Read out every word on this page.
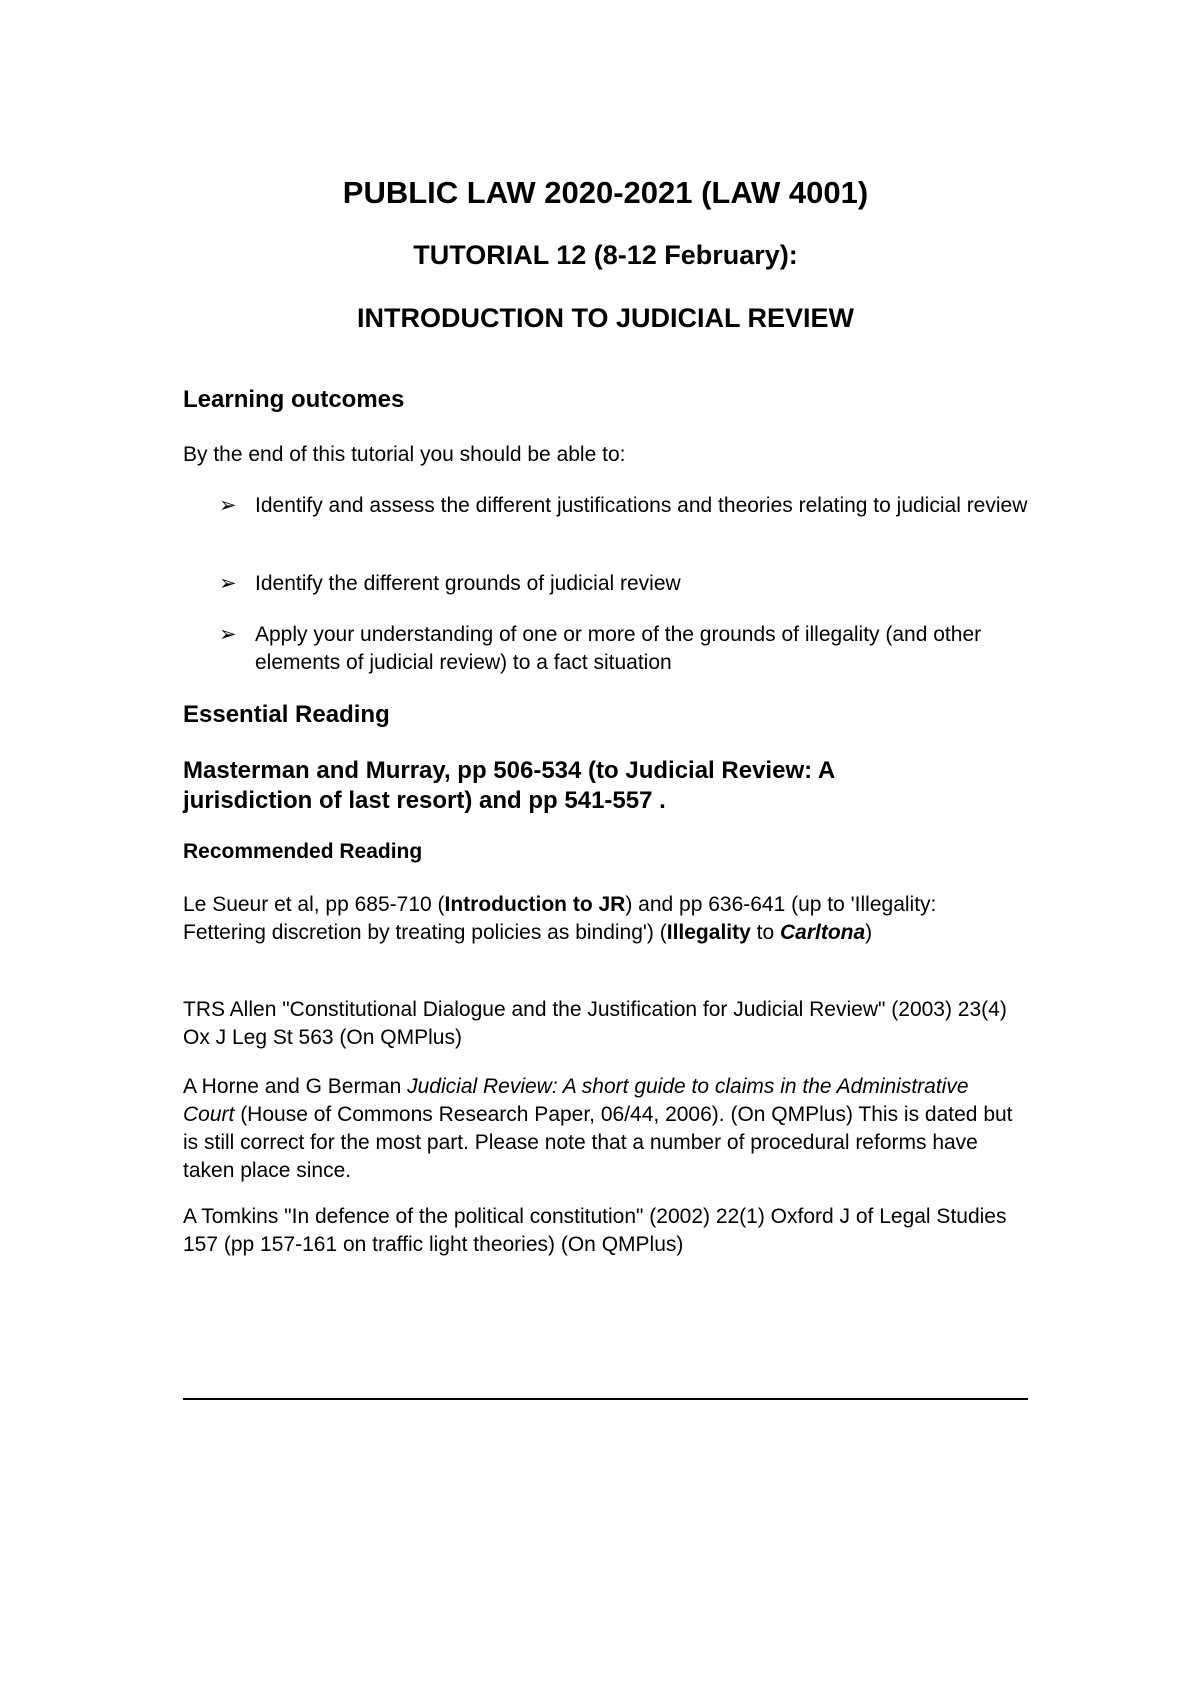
PUBLIC LAW 2020-2021 (LAW 4001)
TUTORIAL 12 (8-12 February):
INTRODUCTION TO JUDICIAL REVIEW
Learning outcomes

By the end of this tutorial you should be able to:

➢ Identify and assess the different justifications and theories relating to judicial review

➢ Identify the different grounds of judicial review

➢ Apply your understanding of one or more of the grounds of illegality (and other elements of judicial review) to a fact situation

Essential Reading

Masterman and Murray, pp 506-534 (to Judicial Review: A jurisdiction of last resort) and pp 541-557 .

Recommended Reading

Le Sueur et al, pp 685-710 (Introduction to JR) and pp 636-641 (up to 'Illegality: Fettering discretion by treating policies as binding') (Illegality to Carltona)

TRS Allen "Constitutional Dialogue and the Justification for Judicial Review" (2003) 23(4) Ox J Leg St 563 (On QMPlus)

A Horne and G Berman Judicial Review: A short guide to claims in the Administrative Court (House of Commons Research Paper, 06/44, 2006). (On QMPlus) This is dated but is still correct for the most part. Please note that a number of procedural reforms have taken place since.

A Tomkins "In defence of the political constitution" (2002) 22(1) Oxford J of Legal Studies 157 (pp 157-161 on traffic light theories) (On QMPlus)
